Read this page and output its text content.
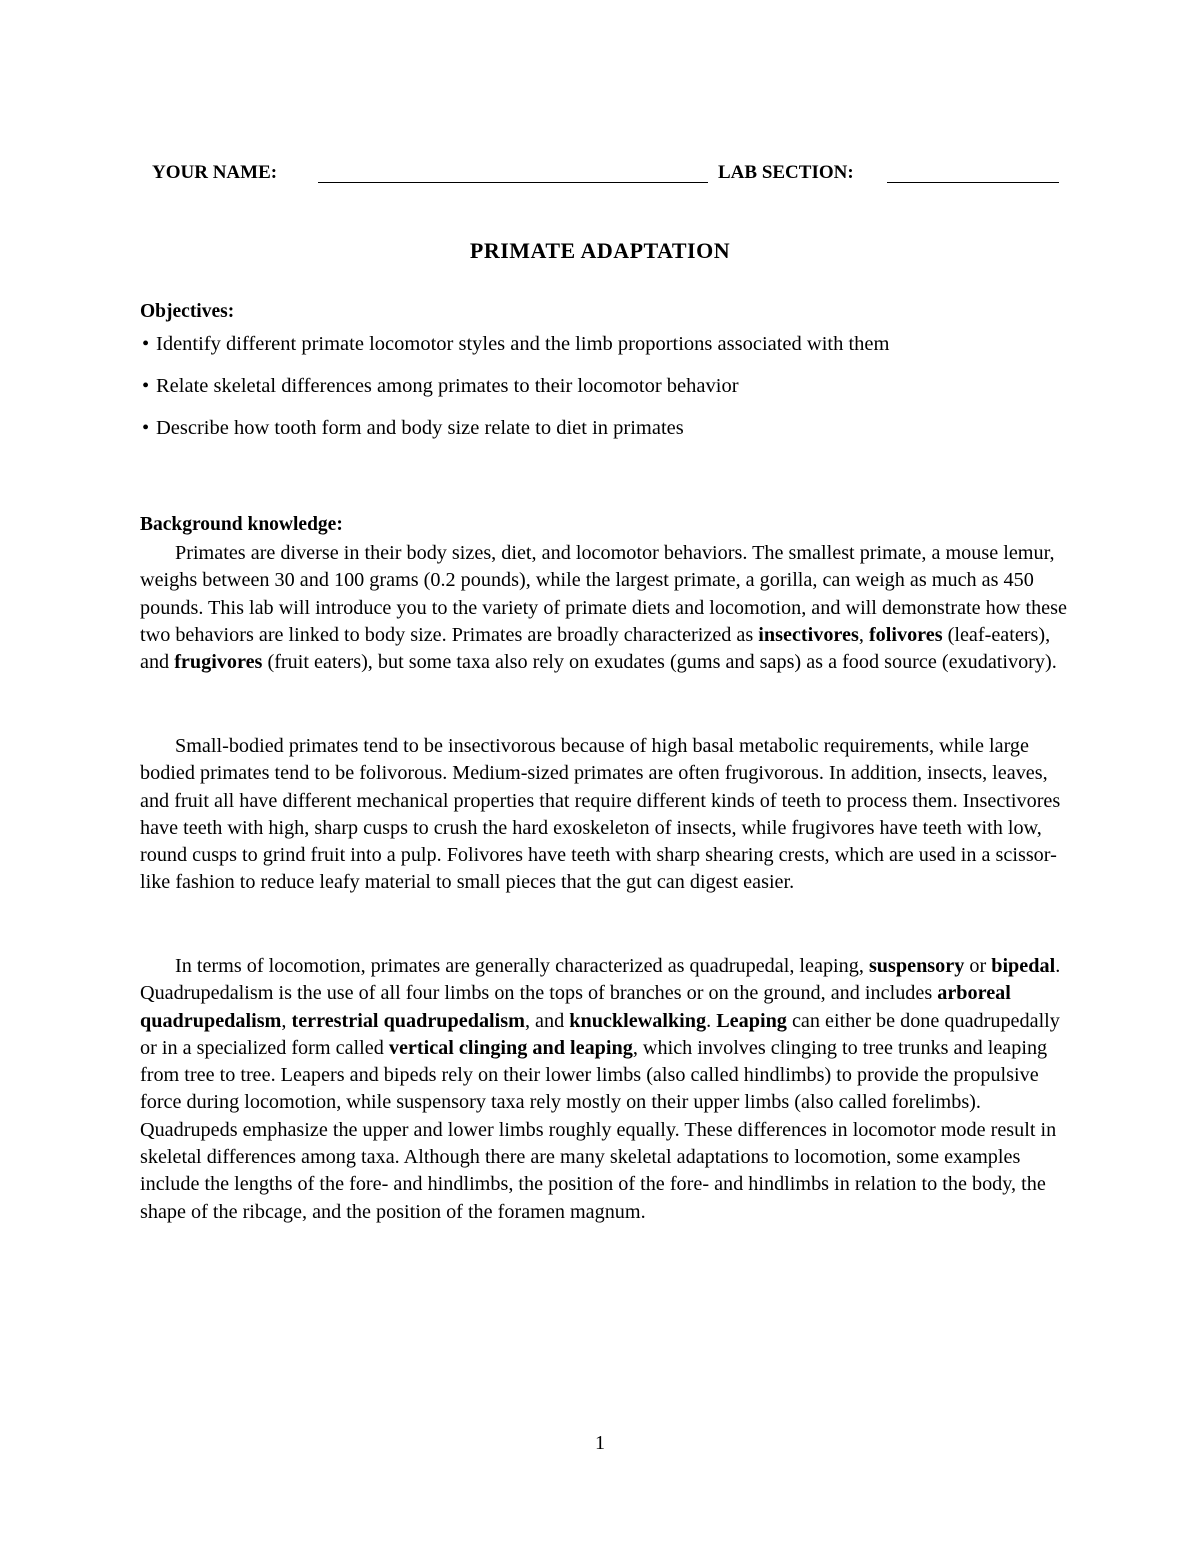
YOUR NAME:	LAB SECTION:
PRIMATE ADAPTATION
Objectives:
• Identify different primate locomotor styles and the limb proportions associated with them
• Relate skeletal differences among primates to their locomotor behavior
• Describe how tooth form and body size relate to diet in primates
Background knowledge:

Primates are diverse in their body sizes, diet, and locomotor behaviors. The smallest primate, a mouse lemur, weighs between 30 and 100 grams (0.2 pounds), while the largest primate, a gorilla, can weigh as much as 450 pounds. This lab will introduce you to the variety of primate diets and locomotion, and will demonstrate how these two behaviors are linked to body size. Primates are broadly characterized as insectivores, folivores (leaf-eaters), and frugivores (fruit eaters), but some taxa also rely on exudates (gums and saps) as a food source (exudativory).

Small-bodied primates tend to be insectivorous because of high basal metabolic requirements, while large bodied primates tend to be folivorous. Medium-sized primates are often frugivorous. In addition, insects, leaves, and fruit all have different mechanical properties that require different kinds of teeth to process them. Insectivores have teeth with high, sharp cusps to crush the hard exoskeleton of insects, while frugivores have teeth with low, round cusps to grind fruit into a pulp. Folivores have teeth with sharp shearing crests, which are used in a scissor-like fashion to reduce leafy material to small pieces that the gut can digest easier.

In terms of locomotion, primates are generally characterized as quadrupedal, leaping, suspensory or bipedal. Quadrupedalism is the use of all four limbs on the tops of branches or on the ground, and includes arboreal quadrupedalism, terrestrial quadrupedalism, and knucklewalking. Leaping can either be done quadrupedally or in a specialized form called vertical clinging and leaping, which involves clinging to tree trunks and leaping from tree to tree. Leapers and bipeds rely on their lower limbs (also called hindlimbs) to provide the propulsive force during locomotion, while suspensory taxa rely mostly on their upper limbs (also called forelimbs). Quadrupeds emphasize the upper and lower limbs roughly equally. These differences in locomotor mode result in skeletal differences among taxa. Although there are many skeletal adaptations to locomotion, some examples include the lengths of the fore- and hindlimbs, the position of the fore- and hindlimbs in relation to the body, the shape of the ribcage, and the position of the foramen magnum.

1
